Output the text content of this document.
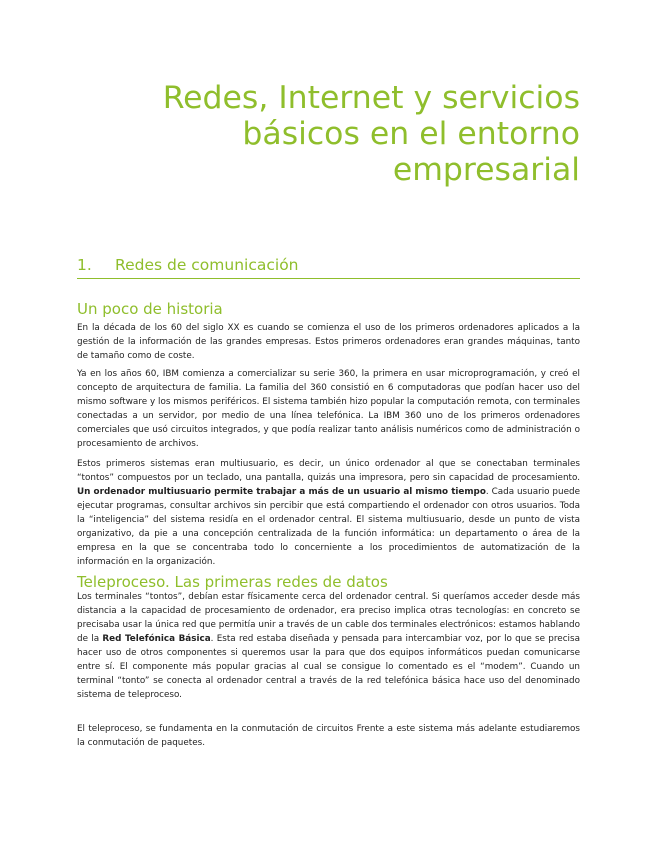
Redes, Internet y servicios
básicos en el entorno
empresarial
1. Redes de comunicación
Un poco de historia

En la década de los 60 del siglo XX es cuando se comienza el uso de los primeros ordenadores aplicados a la gestión de la información de las grandes empresas. Estos primeros ordenadores eran grandes máquinas, tanto de tamaño como de coste.

Ya en los años 60, IBM comienza a comercializar su serie 360, la primera en usar microprogramación, y creó el concepto de arquitectura de familia. La familia del 360 consistió en 6 computadoras que podían hacer uso del mismo software y los mismos periféricos. El sistema también hizo popular la computación remota, con terminales conectadas a un servidor, por medio de una línea telefónica. La IBM 360 uno de los primeros ordenadores comerciales que usó circuitos integrados, y que podía realizar tanto análisis numéricos como de administración o procesamiento de archivos.

Estos primeros sistemas eran multiusuario, es decir, un único ordenador al que se conectaban terminales “tontos” compuestos por un teclado, una pantalla, quizás una impresora, pero sin capacidad de procesamiento. Un ordenador multiusuario permite trabajar a más de un usuario al mismo tiempo. Cada usuario puede ejecutar programas, consultar archivos sin percibir que está compartiendo el ordenador con otros usuarios. Toda la “inteligencia” del sistema residía en el ordenador central. El sistema multiusuario, desde un punto de vista organizativo, da pie a una concepción centralizada de la función informática: un departamento o área de la empresa en la que se concentraba todo lo concerniente a los procedimientos de automatización de la información en la organización.

Teleproceso. Las primeras redes de datos

Los terminales “tontos”, debían estar físicamente cerca del ordenador central. Si queríamos acceder desde más distancia a la capacidad de procesamiento de ordenador, era preciso implica otras tecnologías: en concreto se precisaba usar la única red que permitía unir a través de un cable dos terminales electrónicos: estamos hablando de la Red Telefónica Básica. Esta red estaba diseñada y pensada para intercambiar voz, por lo que se precisa hacer uso de otros componentes si queremos usar la para que dos equipos informáticos puedan comunicarse entre sí. El componente más popular gracias al cual se consigue lo comentado es el “modem”. Cuando un terminal “tonto” se conecta al ordenador central a través de la red telefónica básica hace uso del denominado sistema de teleproceso.

El teleproceso, se fundamenta en la conmutación de circuitos Frente a este sistema más adelante estudiaremos la conmutación de paquetes.
